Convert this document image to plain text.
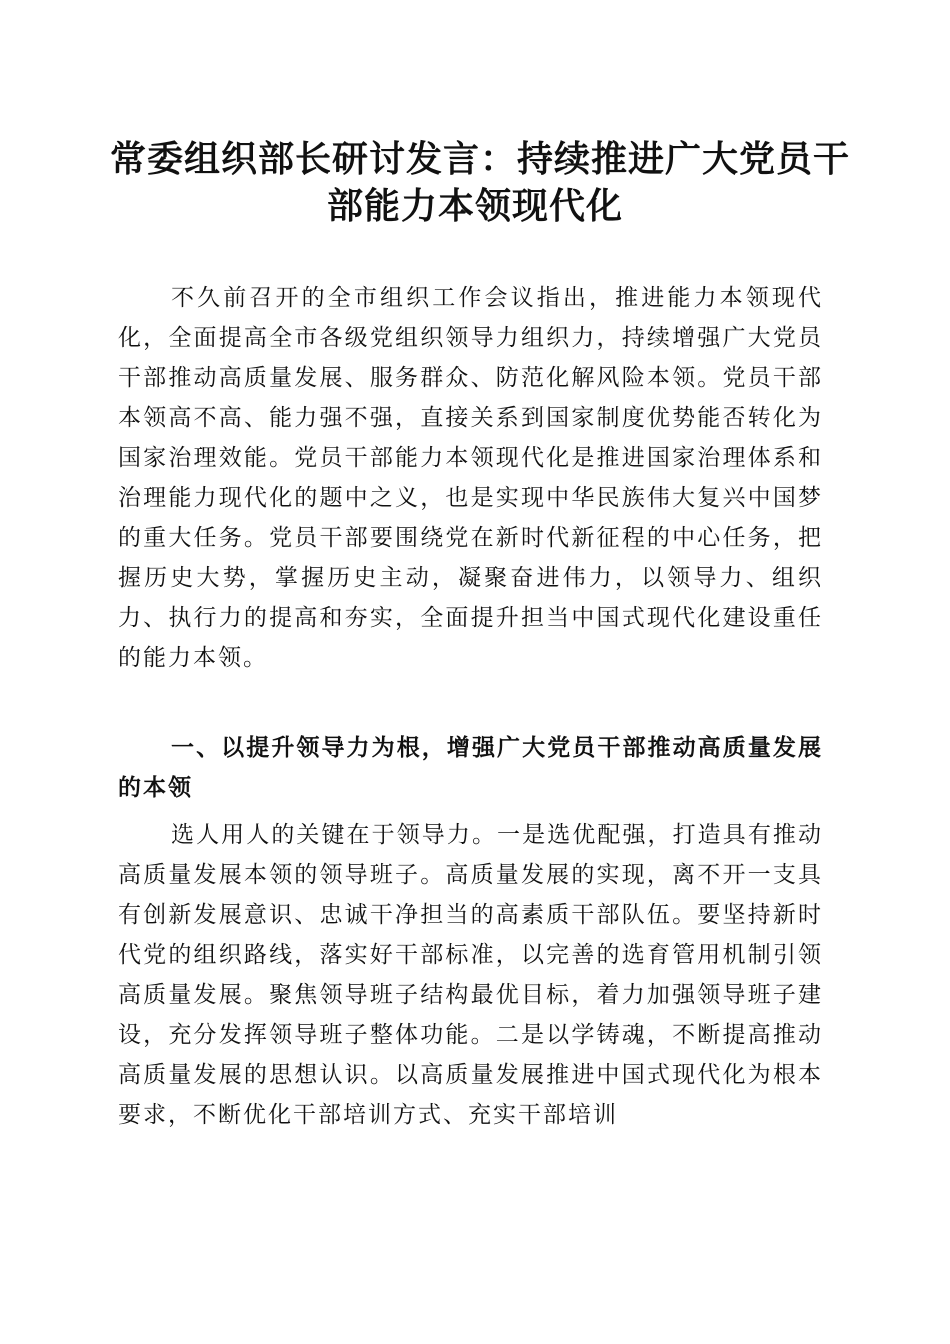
常委组织部长研讨发言：持续推进广大党员干
部能力本领现代化

不久前召开的全市组织工作会议指出，推进能力本领现代化，全面提高全市各级党组织领导力组织力，持续增强广大党员干部推动高质量发展、服务群众、防范化解风险本领。党员干部本领高不高、能力强不强，直接关系到国家制度优势能否转化为国家治理效能。党员干部能力本领现代化是推进国家治理体系和治理能力现代化的题中之义，也是实现中华民族伟大复兴中国梦的重大任务。党员干部要围绕党在新时代新征程的中心任务，把握历史大势，掌握历史主动，凝聚奋进伟力，以领导力、组织力、执行力的提高和夯实，全面提升担当中国式现代化建设重任的能力本领。

一、以提升领导力为根，增强广大党员干部推动高质量发展的本领

选人用人的关键在于领导力。一是选优配强，打造具有推动高质量发展本领的领导班子。高质量发展的实现，离不开一支具有创新发展意识、忠诚干净担当的高素质干部队伍。要坚持新时代党的组织路线，落实好干部标准，以完善的选育管用机制引领高质量发展。聚焦领导班子结构最优目标，着力加强领导班子建设，充分发挥领导班子整体功能。二是以学铸魂，不断提高推动高质量发展的思想认识。以高质量发展推进中国式现代化为根本要求，不断优化干部培训方式、充实干部培训
